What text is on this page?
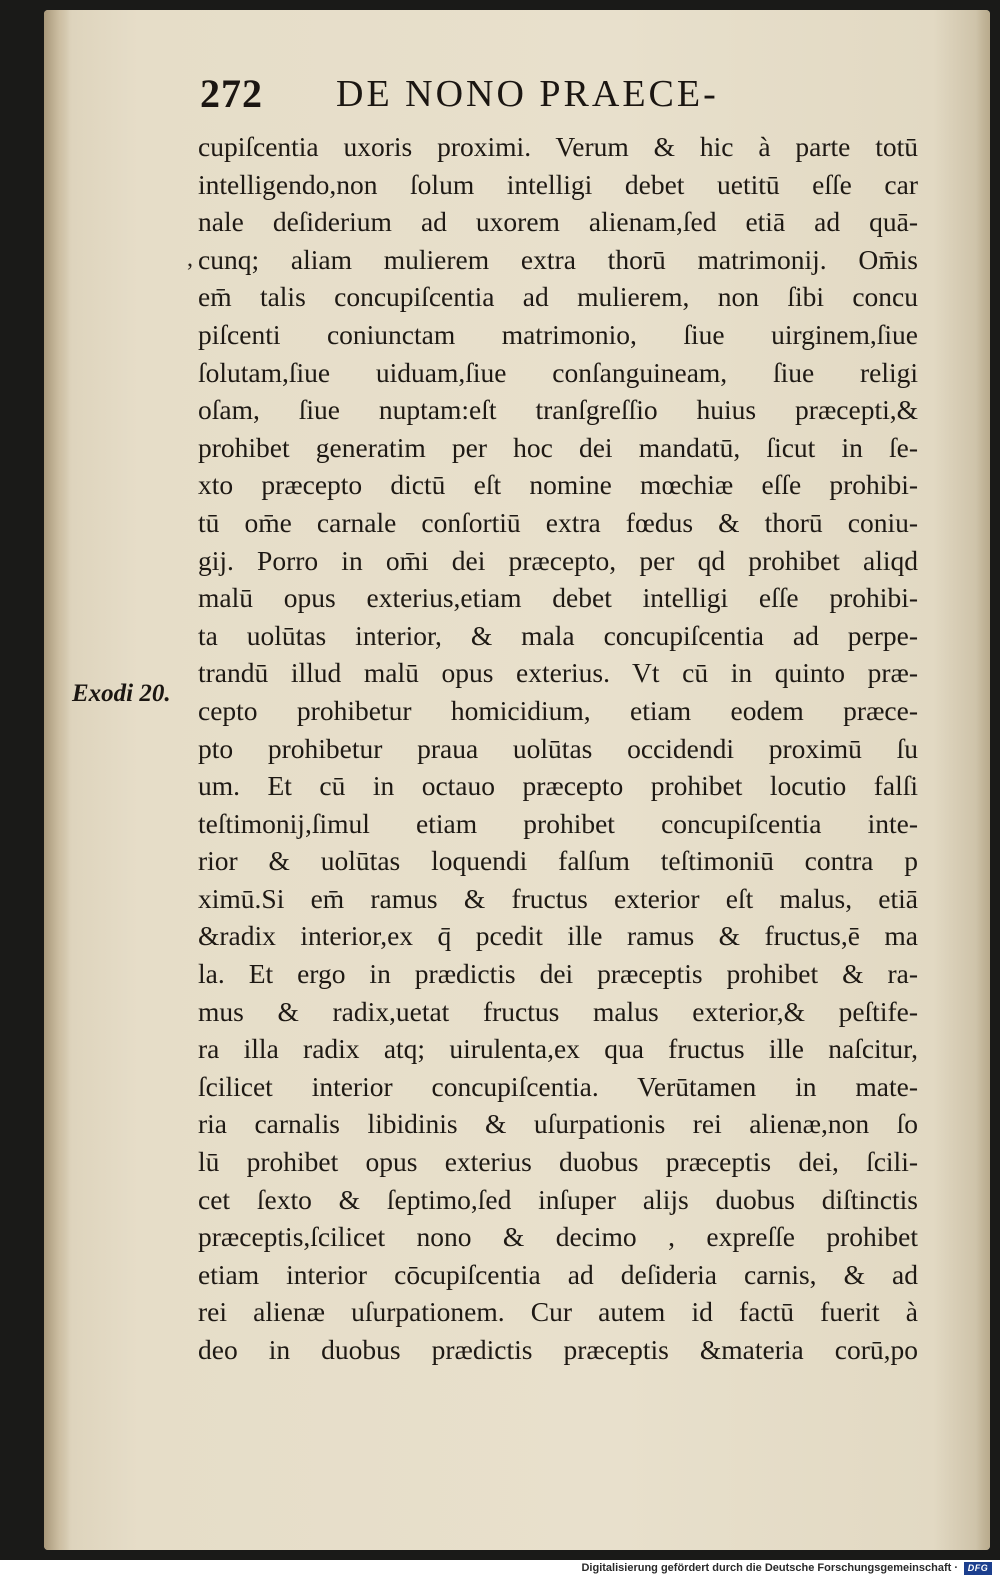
272 DE NONO PRAECE-
,
Exodi 20.
cupiſcentia uxoris proximi. Verum & hic à parte totū
intelligendo,non ſolum intelligi debet uetitū eſſe car
nale deſiderium ad uxorem alienam,ſed etiā ad quā-
cunq; aliam mulierem extra thorū matrimonij. Om̄is
em̄ talis concupiſcentia ad mulierem, non ſibi concu
piſcenti coniunctam matrimonio, ſiue uirginem,ſiue
ſolutam,ſiue uiduam,ſiue conſanguineam, ſiue religi
oſam, ſiue nuptam:eſt tranſgreſſio huius præcepti,&
prohibet generatim per hoc dei mandatū, ſicut in ſe-
xto præcepto dictū eſt nomine mœchiæ eſſe prohibi-
tū om̄e carnale conſortiū extra fœdus & thorū coniu-
gij. Porro in om̄i dei præcepto, per qd prohibet aliqd
malū opus exterius,etiam debet intelligi eſſe prohibi-
ta uolūtas interior, & mala concupiſcentia ad perpe-
trandū illud malū opus exterius. Vt cū in quinto præ-
cepto prohibetur homicidium, etiam eodem præce-
pto prohibetur praua uolūtas occidendi proximū ſu
um. Et cū in octauo præcepto prohibet locutio falſi
teſtimonij,ſimul etiam prohibet concupiſcentia inte-
rior & uolūtas loquendi falſum teſtimoniū contra p
ximū.Si em̄ ramus & fructus exterior eſt malus, etiā
&radix interior,ex q̄ pcedit ille ramus & fructus,ē ma
la. Et ergo in prædictis dei præceptis prohibet & ra-
mus & radix,uetat fructus malus exterior,& peſtife-
ra illa radix atq; uirulenta,ex qua fructus ille naſcitur,
ſcilicet interior concupiſcentia. Verūtamen in mate-
ria carnalis libidinis & uſurpationis rei alienæ,non ſo
lū prohibet opus exterius duobus præceptis dei, ſcili-
cet ſexto & ſeptimo,ſed inſuper alijs duobus diſtinctis
præceptis,ſcilicet nono & decimo , expreſſe prohibet
etiam interior cōcupiſcentia ad deſideria carnis, & ad
rei alienæ uſurpationem. Cur autem id factū fuerit à
deo in duobus prædictis præceptis &materia corū,po
Digitalisierung gefördert durch die Deutsche Forschungsgemeinschaft ·	DFG
